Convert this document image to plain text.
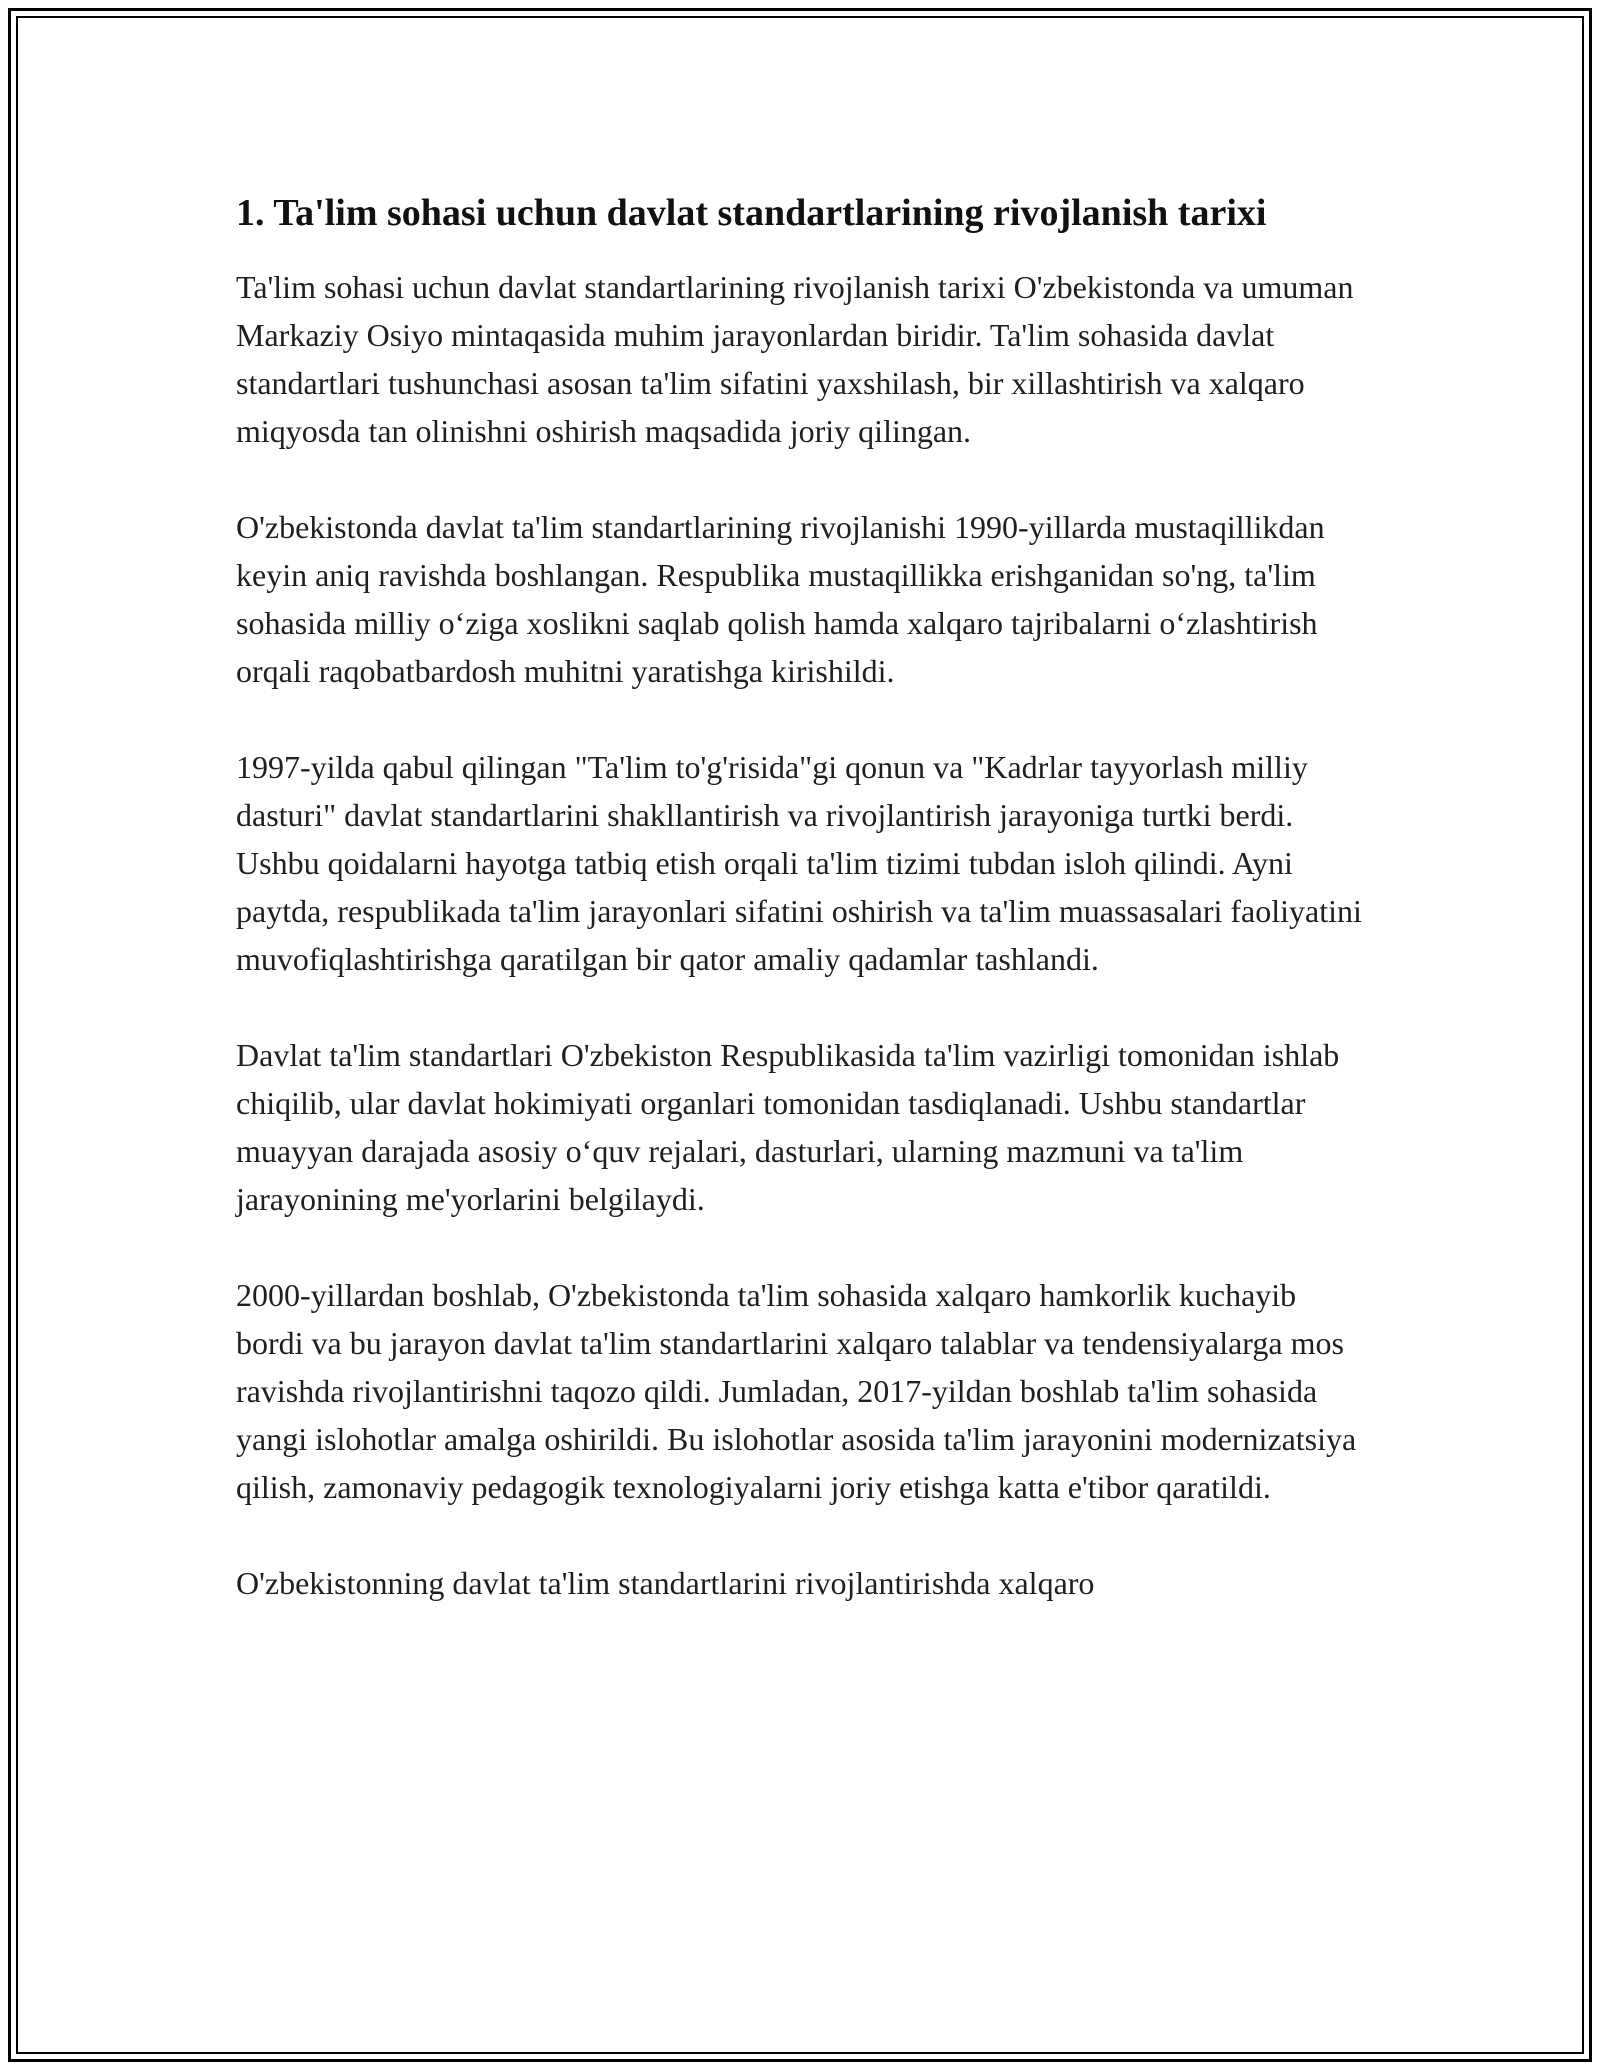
1. Ta'lim sohasi uchun davlat standartlarining rivojlanish tarixi

Ta'lim sohasi uchun davlat standartlarining rivojlanish tarixi O'zbekistonda va umuman Markaziy Osiyo mintaqasida muhim jarayonlardan biridir. Ta'lim sohasida davlat standartlari tushunchasi asosan ta'lim sifatini yaxshilash, bir xillashtirish va xalqaro miqyosda tan olinishni oshirish maqsadida joriy qilingan.

O'zbekistonda davlat ta'lim standartlarining rivojlanishi 1990-yillarda mustaqillikdan keyin aniq ravishda boshlangan. Respublika mustaqillikka erishganidan so'ng, ta'lim sohasida milliy o‘ziga xoslikni saqlab qolish hamda xalqaro tajribalarni o‘zlashtirish orqali raqobatbardosh muhitni yaratishga kirishildi.

1997-yilda qabul qilingan "Ta'lim to'g'risida"gi qonun va "Kadrlar tayyorlash milliy dasturi" davlat standartlarini shakllantirish va rivojlantirish jarayoniga turtki berdi. Ushbu qoidalarni hayotga tatbiq etish orqali ta'lim tizimi tubdan isloh qilindi. Ayni paytda, respublikada ta'lim jarayonlari sifatini oshirish va ta'lim muassasalari faoliyatini muvofiqlashtirishga qaratilgan bir qator amaliy qadamlar tashlandi.

Davlat ta'lim standartlari O'zbekiston Respublikasida ta'lim vazirligi tomonidan ishlab chiqilib, ular davlat hokimiyati organlari tomonidan tasdiqlanadi. Ushbu standartlar muayyan darajada asosiy o‘quv rejalari, dasturlari, ularning mazmuni va ta'lim jarayonining me'yorlarini belgilaydi.

2000-yillardan boshlab, O'zbekistonda ta'lim sohasida xalqaro hamkorlik kuchayib bordi va bu jarayon davlat ta'lim standartlarini xalqaro talablar va tendensiyalarga mos ravishda rivojlantirishni taqozo qildi. Jumladan, 2017-yildan boshlab ta'lim sohasida yangi islohotlar amalga oshirildi. Bu islohotlar asosida ta'lim jarayonini modernizatsiya qilish, zamonaviy pedagogik texnologiyalarni joriy etishga katta e'tibor qaratildi.

O'zbekistonning davlat ta'lim standartlarini rivojlantirishda xalqaro
